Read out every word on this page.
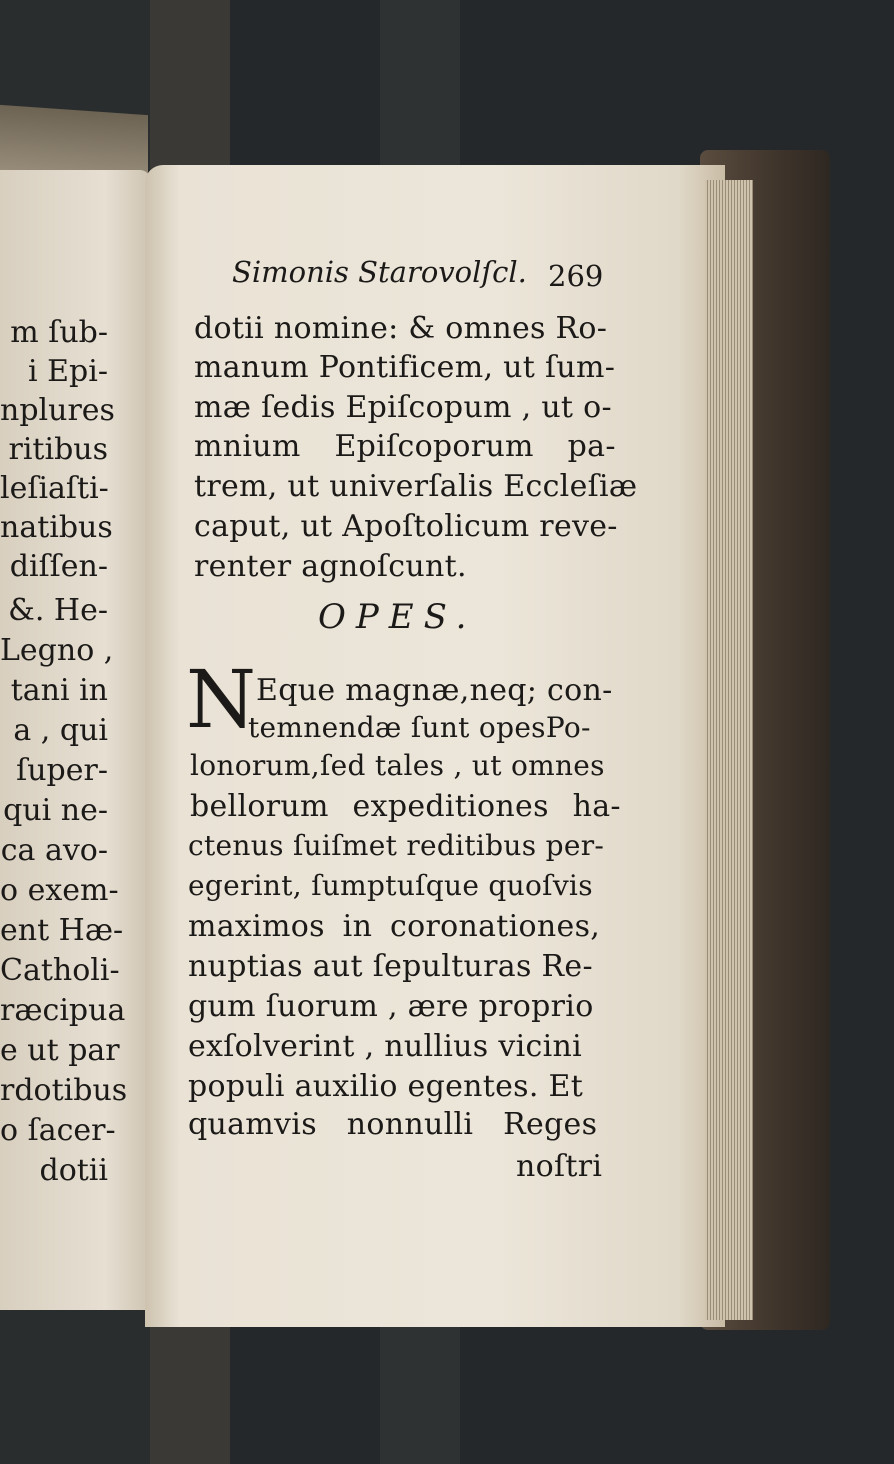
m ſub-
i Epi-
nplures
ritibus
leſiaſti-
natibus
diſſen-
&. He-
Legno ,
tani in
a , qui
ſuper-
qui ne-
ca avo-
o exem-
ent Hæ-
Catholi-
ræcipua
e ut par
rdotibus
o ſacer-
dotii
Simonis Starovolſcl. 269
dotii nomine: & omnes Ro-
manum Pontificem, ut ſum-
mæ ſedis Epiſcopum , ut o-
mnium Epiſcoporum pa-
trem, ut univerſalis Eccleſiæ
caput, ut Apoſtolicum reve-
renter agnoſcunt.
OPES.
N Eque magnæ,neq; con-
temnendæ ſunt opesPo-
lonorum,ſed tales , ut omnes
bellorum expeditiones ha-
ctenus ſuiſmet reditibus per-
egerint, ſumptuſque quoſvis
maximos in coronationes,
nuptias aut ſepulturas Re-
gum ſuorum , ære proprio
exſolverint , nullius vicini
populi auxilio egentes. Et
quamvis nonnulli Reges
noſtri
